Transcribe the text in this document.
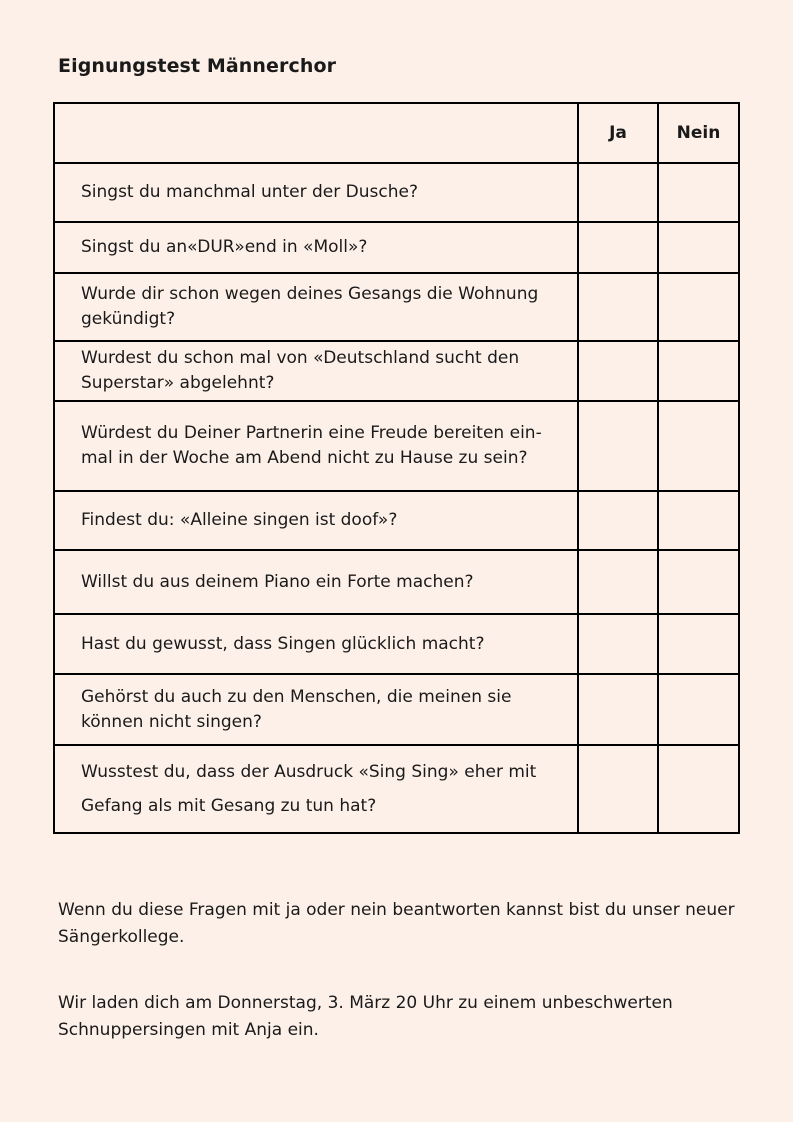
Eignungstest Männerchor
	Ja	Nein

Singst du manchmal unter der Dusche?		

Singst du an«DUR»end in «Moll»?		

Wurde dir schon wegen deines Gesangs die Wohnung
gekündigt?		

Wurdest du schon mal von «Deutschland sucht den
Superstar» abgelehnt?		

Würdest du Deiner Partnerin eine Freude bereiten ein-
mal in der Woche am Abend nicht zu Hause zu sein?		

Findest du: «Alleine singen ist doof»?		

Willst du aus deinem Piano ein Forte machen?		

Hast du gewusst, dass Singen glücklich macht?		

Gehörst du auch zu den Menschen, die meinen sie
können nicht singen?		

Wusstest du, dass der Ausdruck «Sing Sing» eher mit
Gefang als mit Gesang zu tun hat?		

Wenn du diese Fragen mit ja oder nein beantworten kannst bist du unser neuer Sängerkollege.
Wir laden dich am Donnerstag, 3. März 20 Uhr zu einem unbeschwerten Schnuppersingen mit Anja ein.
